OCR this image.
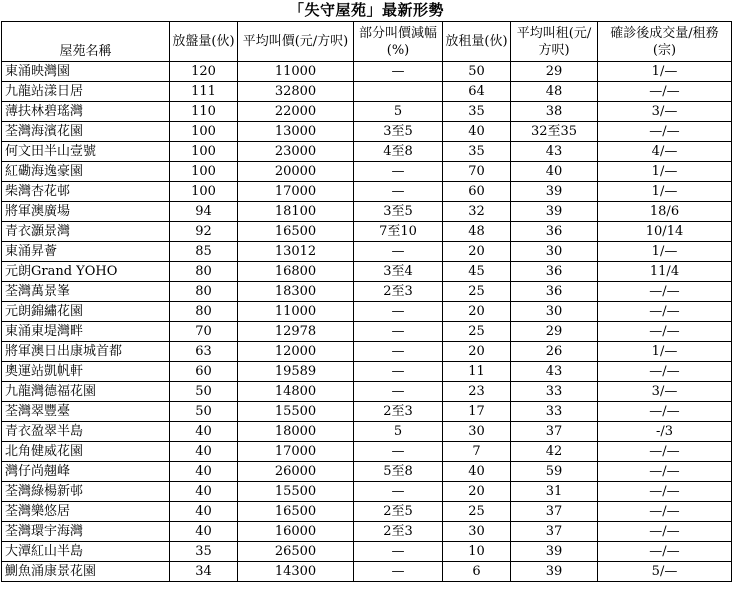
「失守屋苑」最新形勢
屋苑名稱	放盤量(伙)	平均叫價(元/方呎)	部分叫價減幅(%)	放租量(伙)	平均叫租(元/方呎)	確診後成交量/租務(宗)
東涌映灣園	120	11000	—	50	29	1/—
九龍站漾日居	111	32800		64	48	—/—
薄扶林碧瑤灣	110	22000	5	35	38	3/—
荃灣海濱花園	100	13000	3至5	40	32至35	—/—
何文田半山壹號	100	23000	4至8	35	43	4/—
紅磡海逸豪園	100	20000	—	70	40	1/—
柴灣杏花邨	100	17000	—	60	39	1/—
將軍澳廣場	94	18100	3至5	32	39	18/6
青衣灝景灣	92	16500	7至10	48	36	10/14
東涌昇薈	85	13012	—	20	30	1/—
元朗Grand YOHO	80	16800	3至4	45	36	11/4
荃灣萬景峯	80	18300	2至3	25	36	—/—
元朗錦繡花園	80	11000	—	20	30	—/—
東涌東堤灣畔	70	12978	—	25	29	—/—
將軍澳日出康城首都	63	12000	—	20	26	1/—
奧運站凱帆軒	60	19589	—	11	43	—/—
九龍灣德福花園	50	14800	—	23	33	3/—
荃灣翠豐臺	50	15500	2至3	17	33	—/—
青衣盈翠半島	40	18000	5	30	37	-/3
北角健威花園	40	17000	—	7	42	—/—
灣仔尚翹峰	40	26000	5至8	40	59	—/—
荃灣綠楊新邨	40	15500	—	20	31	—/—
荃灣樂悠居	40	16500	2至5	25	37	—/—
荃灣環宇海灣	40	16000	2至3	30	37	—/—
大潭紅山半島	35	26500	—	10	39	—/—
鰂魚涌康景花園	34	14300	—	6	39	5/—
